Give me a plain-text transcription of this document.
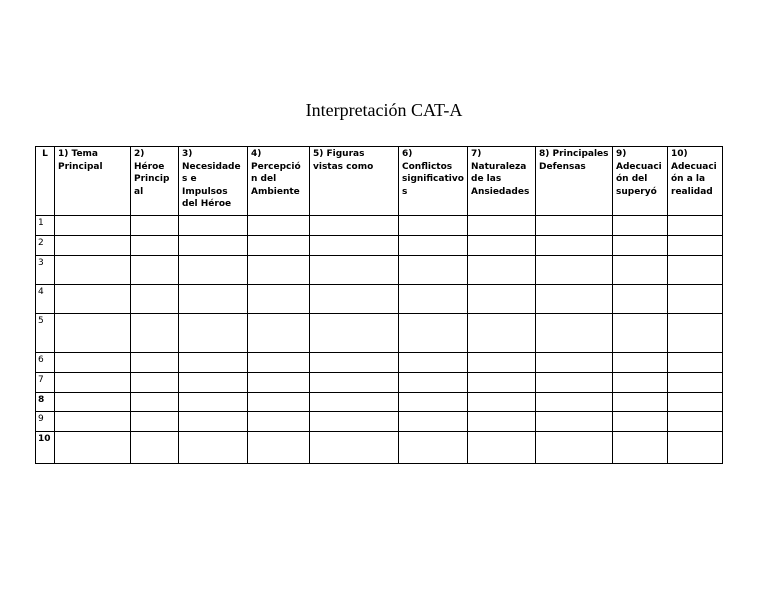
Interpretación CAT-A
L	1) Tema Principal	2) Héroe Principal	3) Necesidades e Impulsos del Héroe	4) Percepción del Ambiente	5) Figuras vistas como	6) Conflictos significativos	7) Naturaleza de las Ansiedades	8) Principales Defensas	9) Adecuación del superyó	10) Adecuación a la realidad
1										
2										
3										
4										
5										
6										
7										
8										
9										
10										
